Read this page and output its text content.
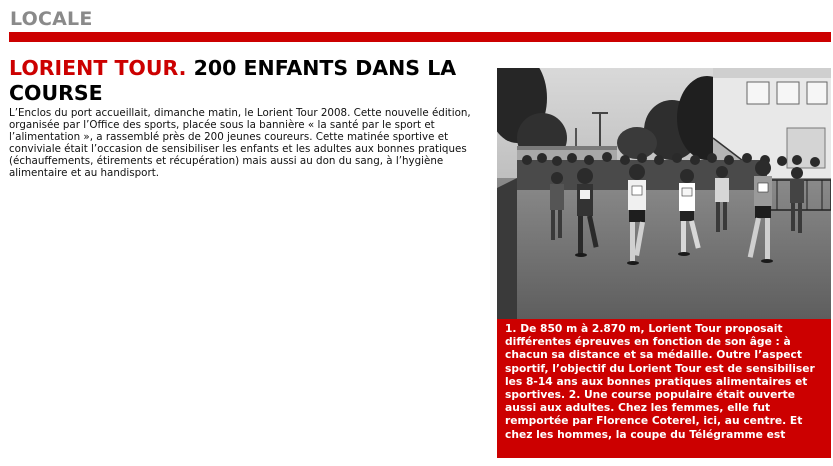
LOCALE
LORIENT TOUR. 200 ENFANTS DANS LA COURSE

L’Enclos du port accueillait, dimanche matin, le Lorient Tour 2008. Cette nouvelle édition, organisée par l’Office des sports, placée sous la bannière « la santé par le sport et l’alimentation », a rassemblé près de 200 jeunes coureurs. Cette matinée sportive et conviviale était l’occasion de sensibiliser les enfants et les adultes aux bonnes pratiques (échauffements, étirements et récupération) mais aussi au don du sang, à l’hygiène alimentaire et au handisport.

1. De 850 m à 2.870 m, Lorient Tour proposait différentes épreuves en fonction de son âge : à chacun sa distance et sa médaille. Outre l’aspect sportif, l’objectif du Lorient Tour est de sensibiliser les 8-14 ans aux bonnes pratiques alimentaires et sportives. 2. Une course populaire était ouverte aussi aux adultes. Chez les femmes, elle fut remportée par Florence Coterel, ici, au centre. Et chez les hommes, la coupe du Télégramme est
